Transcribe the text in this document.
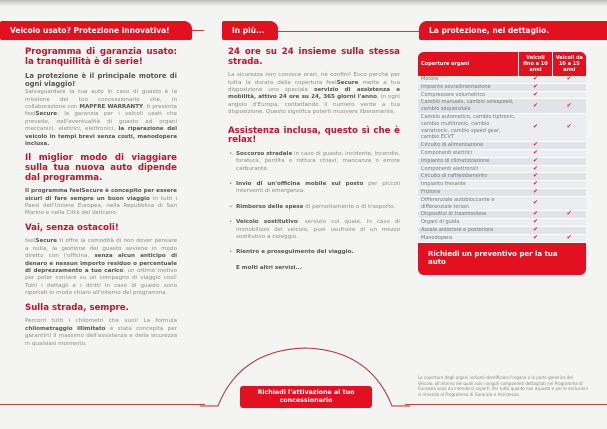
Veicolo usato? Protezione innovativa!
Programma di garanzia usato: la tranquillità è di serie!
La protezione è il principale motore di ogni viaggio!

Salvaguardare la tua auto in caso di guasto è la missione del tuo concessionario che, in collaborazione con MAPFRE WARRANTY, ti presenta feelSecure: la garanzia per i veicoli usati che prevede, nell'eventualità di guasto ad organi meccanici, elettrici, elettronici, la riparazione del veicolo in tempi brevi senza costi, manodopera inclusa.

Il miglior modo di viaggiare sulla tua nuova auto dipende dal programma.

Il programma feelSecure è concepito per essere sicuri di fare sempre un buon viaggio in tutti i Paesi dell'Unione Europea, nella Repubblica di San Marino e nella Città del Vaticano.

Vai, senza ostacoli!

feelSecure ti offre la comodità di non dover pensare a nulla, la gestione del guasto avviene in modo diretto con l'officina, senza alcun anticipo di denaro e nessun importo residuo o percentuale di deprezzamento a tuo carico: un ottimo motivo per poter contare su un compagno di viaggio così! Tutti i dettagli e i diritti in caso di guasto sono riportati in modo chiaro all'interno del programma.

Sulla strada, sempre.

Percorri tutti i chilometri che vuoi! La formula chilometraggio illimitato è stata concepita per garantirti il massimo dell'assistenza e della sicurezza in qualsiasi momento.

In più...
24 ore su 24 insieme sulla stessa strada.

La sicurezza non conosce orari, né confini! Ecco perché per tutta la durata della copertura feelSecure mette a tua disposizione uno speciale servizio di assistenza e mobilità, attivo 24 ore su 24, 365 giorni l'anno, in ogni angolo d'Europa, contattando il numero verde a tua disposizione. Questo significa poterti muovere liberamente.

Assistenza inclusa, questo sì che è relax!
• Soccorso stradale in caso di guasto, incidente, incendio, foratura, perdita o rottura chiavi, mancanza o errore carburante.
• Invio di un'officina mobile sul posto per piccoli interventi di emergenza.
• Rimborso delle spese di pernottamento o di trasporto.
• Veicolo sostitutivo: servizio col quale, in caso di immobilizzo del veicolo, puoi usufruire di un mezzo sostitutivo a noleggio.
• Rientro e proseguimento del viaggio.

E molti altri servizi...

Richiedi l'attivazione al tuo concessionario
La protezione, nel dettaglio.
Coperture organi	Veicoli fino a 10 anni	Veicoli da 10 a 15 anni
Motore	✔	✔
Impianto sovralimentazione	✔	
Compressore volumetrico	✔	
Cambio manuale, cambio selespeed, cambio sequenziale	✔	✔
Cambio automatico, cambio tiptronic, cambio multitronic, cambio variatronic, cambio speed gear, cambio ECVT	✔	✔
Circuito di alimentazione	✔	
Componenti elettrici	✔	
Impianto di climatizzazione	✔	
Componenti elettronici	✔	
Circuito di raffreddamento	✔	
Impianto frenante	✔	
Frizione	✔	
Differenziale autobloccante e differenziale torsen	✔	
Dispositivi di trasmissione	✔	✔
Organi di guida	✔	
Assale anteriore e posteriore	✔	
Manodopera	✔	✔
Richiedi un preventivo per la tua auto
Le coperture degli organi indicati identificano l'organo o la parte generica del Veicolo, all'interno dei quali solo i singoli componenti dettagliati nel Programma di Garanzia sono da intendersi coperti. Per tutto quanto non esposto e per le esclusioni si rimanda al Programma di Garanzia e Assistenza.
